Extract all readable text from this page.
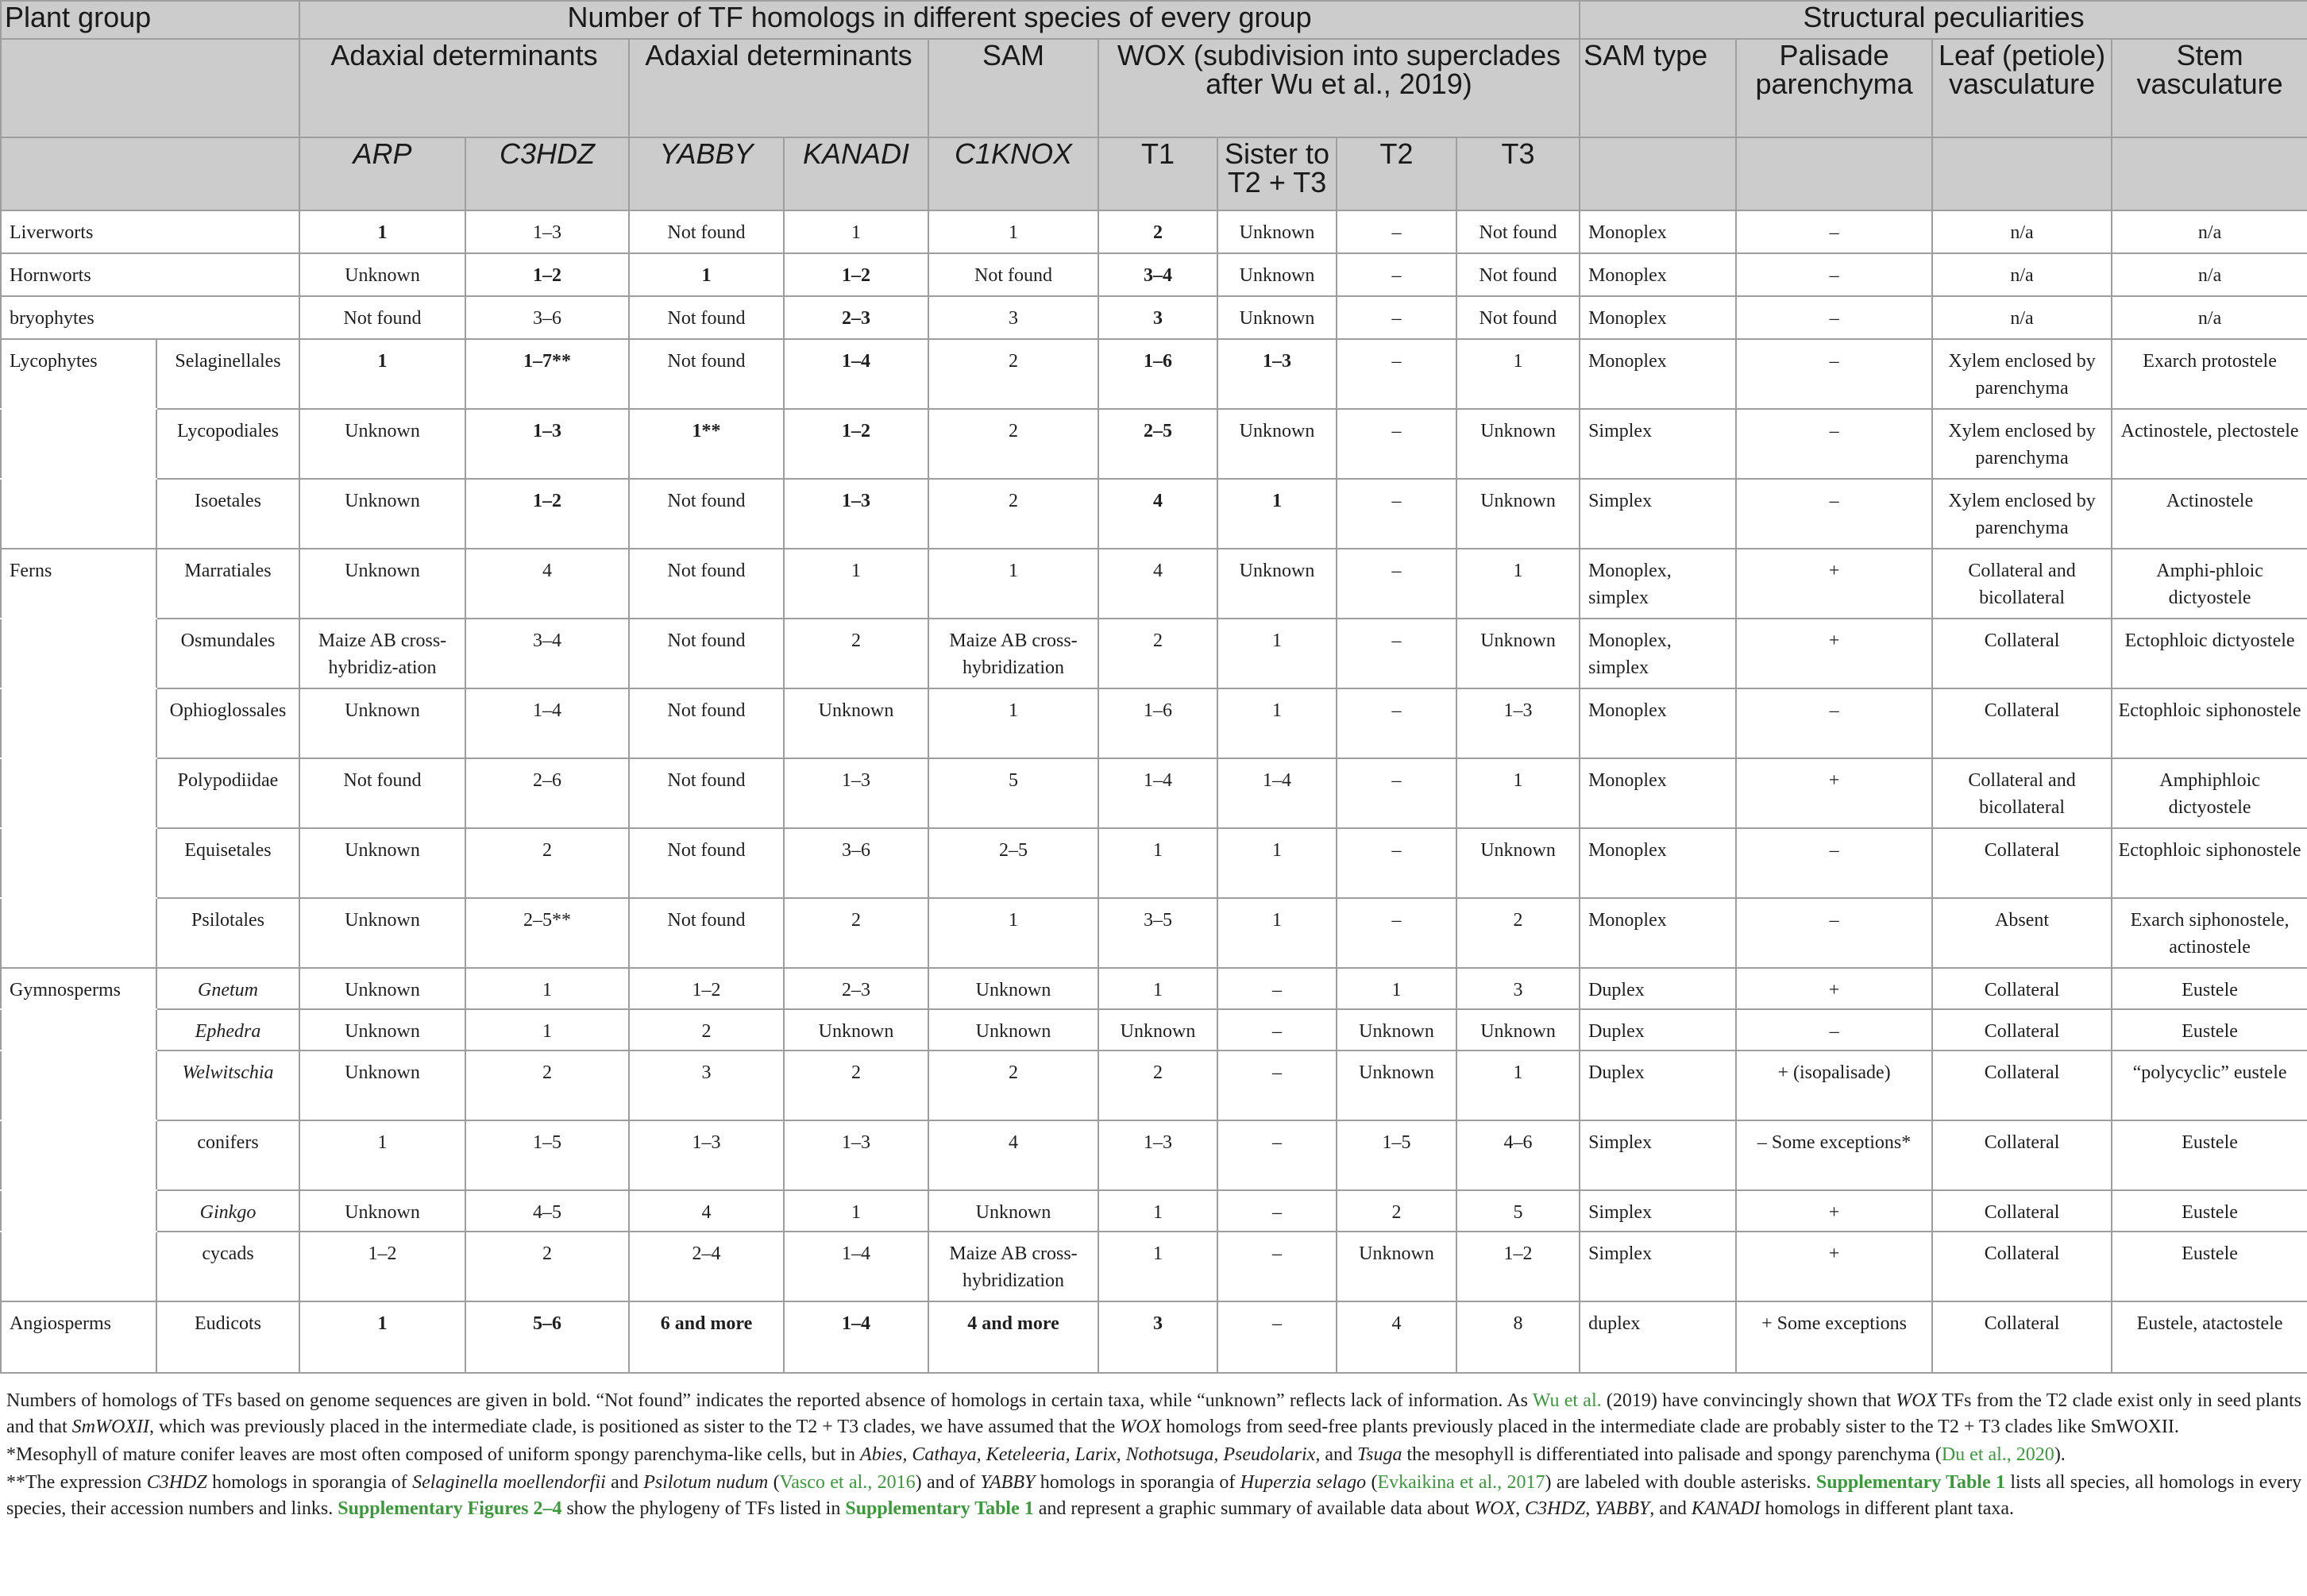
Plant group		Number of TF homologs in different species of every group									Structural peculiarities			
		Adaxial determinants		Adaxial determinants		SAM	WOX (subdivision into superclades after Wu et al., 2019)				SAM type	Palisade parenchyma	Leaf (petiole) vasculature	Stem vasculature
		ARP	C3HDZ	YABBY	KANADI	C1KNOX	T1	Sister to T2 + T3	T2	T3				
Liverworts		1	1–3	Not found	1	1	2	Unknown	–	Not found	Monoplex	–	n/a	n/a
Hornworts		Unknown	1–2	1	1–2	Not found	3–4	Unknown	–	Not found	Monoplex	–	n/a	n/a
bryophytes		Not found	3–6	Not found	2–3	3	3	Unknown	–	Not found	Monoplex	–	n/a	n/a
Lycophytes	Selaginellales	1	1–7**	Not found	1–4	2	1–6	1–3	–	1	Monoplex	–	Xylem enclosed by parenchyma	Exarch protostele
	Lycopodiales	Unknown	1–3	1**	1–2	2	2–5	Unknown	–	Unknown	Simplex	–	Xylem enclosed by parenchyma	Actinostele, plectostele
	Isoetales	Unknown	1–2	Not found	1–3	2	4	1	–	Unknown	Simplex	–	Xylem enclosed by parenchyma	Actinostele
Ferns	Marratiales	Unknown	4	Not found	1	1	4	Unknown	–	1	Monoplex, simplex	+	Collateral and bicollateral	Amphi-phloic dictyostele
	Osmundales	Maize AB cross-hybridiz-ation	3–4	Not found	2	Maize AB cross-hybridization	2	1	–	Unknown	Monoplex, simplex	+	Collateral	Ectophloic dictyostele
	Ophioglossales	Unknown	1–4	Not found	Unknown	1	1–6	1	–	1–3	Monoplex	–	Collateral	Ectophloic siphonostele
	Polypodiidae	Not found	2–6	Not found	1–3	5	1–4	1–4	–	1	Monoplex	+	Collateral and bicollateral	Amphiphloic dictyostele
	Equisetales	Unknown	2	Not found	3–6	2–5	1	1	–	Unknown	Monoplex	–	Collateral	Ectophloic siphonostele
	Psilotales	Unknown	2–5**	Not found	2	1	3–5	1	–	2	Monoplex	–	Absent	Exarch siphonostele, actinostele
Gymnosperms	Gnetum	Unknown	1	1–2	2–3	Unknown	1	–	1	3	Duplex	+	Collateral	Eustele
	Ephedra	Unknown	1	2	Unknown	Unknown	Unknown	–	Unknown	Unknown	Duplex	–	Collateral	Eustele
	Welwitschia	Unknown	2	3	2	2	2	–	Unknown	1	Duplex	+ (isopalisade)	Collateral	“polycyclic” eustele
	conifers	1	1–5	1–3	1–3	4	1–3	–	1–5	4–6	Simplex	– Some exceptions*	Collateral	Eustele
	Ginkgo	Unknown	4–5	4	1	Unknown	1	–	2	5	Simplex	+	Collateral	Eustele
	cycads	1–2	2	2–4	1–4	Maize AB cross-hybridization	1	–	Unknown	1–2	Simplex	+	Collateral	Eustele
Angiosperms	Eudicots	1	5–6	6 and more	1–4	4 and more	3	–	4	8	duplex	+ Some exceptions	Collateral	Eustele, atactostele

Numbers of homologs of TFs based on genome sequences are given in bold. “Not found” indicates the reported absence of homologs in certain taxa, while “unknown” reflects lack of information. As Wu et al. (2019) have convincingly shown that WOX TFs from the T2 clade exist only in seed plants and that SmWOXII, which was previously placed in the intermediate clade, is positioned as sister to the T2 + T3 clades, we have assumed that the WOX homologs from seed-free plants previously placed in the intermediate clade are probably sister to the T2 + T3 clades like SmWOXII.

*Mesophyll of mature conifer leaves are most often composed of uniform spongy parenchyma-like cells, but in Abies, Cathaya, Keteleeria, Larix, Nothotsuga, Pseudolarix, and Tsuga the mesophyll is differentiated into palisade and spongy parenchyma (Du et al., 2020).

**The expression C3HDZ homologs in sporangia of Selaginella moellendorfii and Psilotum nudum (Vasco et al., 2016) and of YABBY homologs in sporangia of Huperzia selago (Evkaikina et al., 2017) are labeled with double asterisks. Supplementary Table 1 lists all species, all homologs in every species, their accession numbers and links. Supplementary Figures 2–4 show the phylogeny of TFs listed in Supplementary Table 1 and represent a graphic summary of available data about WOX, C3HDZ, YABBY, and KANADI homologs in different plant taxa.
